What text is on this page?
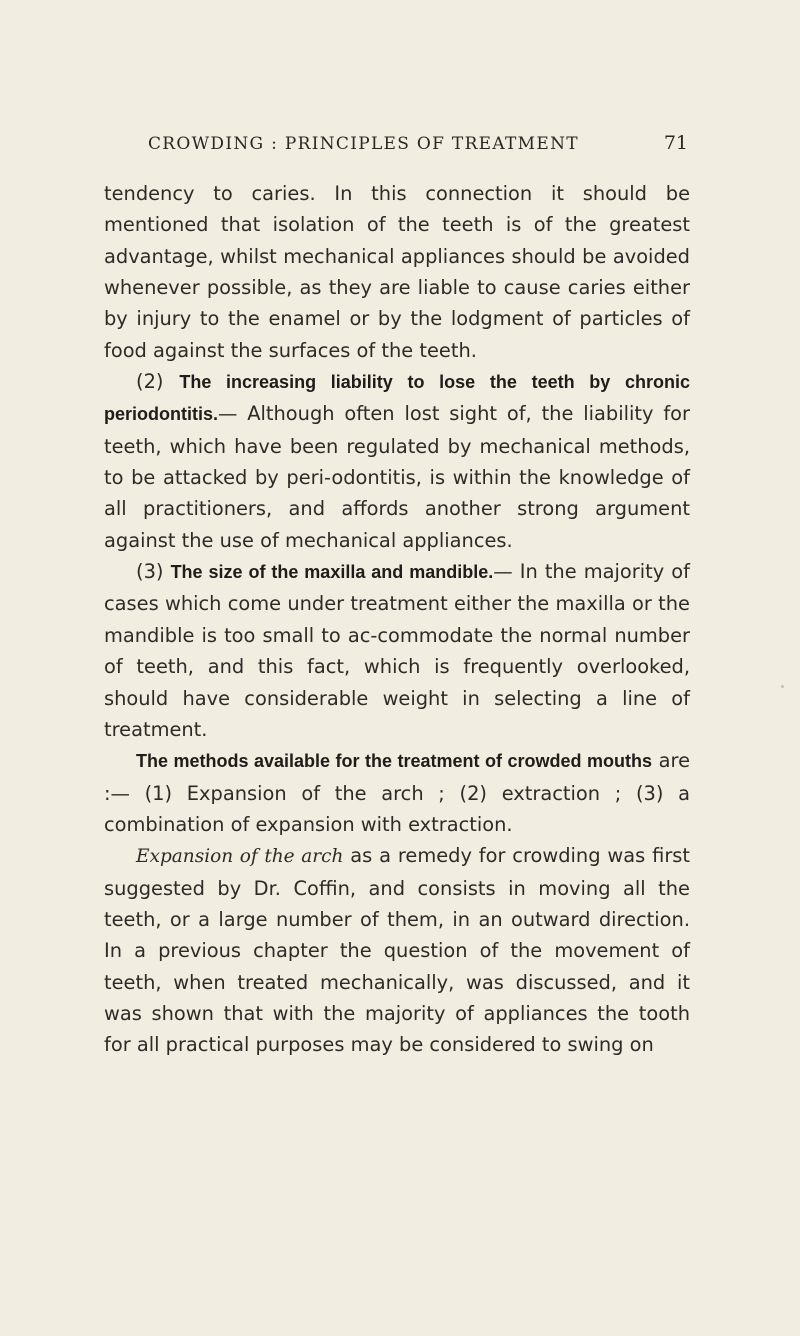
CROWDING : PRINCIPLES OF TREATMENT	71

tendency to caries. In this connection it should be mentioned that isolation of the teeth is of the greatest advantage, whilst mechanical appliances should be avoided whenever possible, as they are liable to cause caries either by injury to the enamel or by the lodgment of particles of food against the surfaces of the teeth.

(2) The increasing liability to lose the teeth by chronic periodontitis.— Although often lost sight of, the liability for teeth, which have been regulated by mechanical methods, to be attacked by peri-odontitis, is within the knowledge of all practitioners, and affords another strong argument against the use of mechanical appliances.

(3) The size of the maxilla and mandible.— In the majority of cases which come under treatment either the maxilla or the mandible is too small to ac-commodate the normal number of teeth, and this fact, which is frequently overlooked, should have considerable weight in selecting a line of treatment.

The methods available for the treatment of crowded mouths are :— (1) Expansion of the arch ; (2) extraction ; (3) a combination of expansion with extraction.

Expansion of the arch as a remedy for crowding was first suggested by Dr. Coffin, and consists in moving all the teeth, or a large number of them, in an outward direction. In a previous chapter the question of the movement of teeth, when treated mechanically, was discussed, and it was shown that with the majority of appliances the tooth for all practical purposes may be considered to swing on
